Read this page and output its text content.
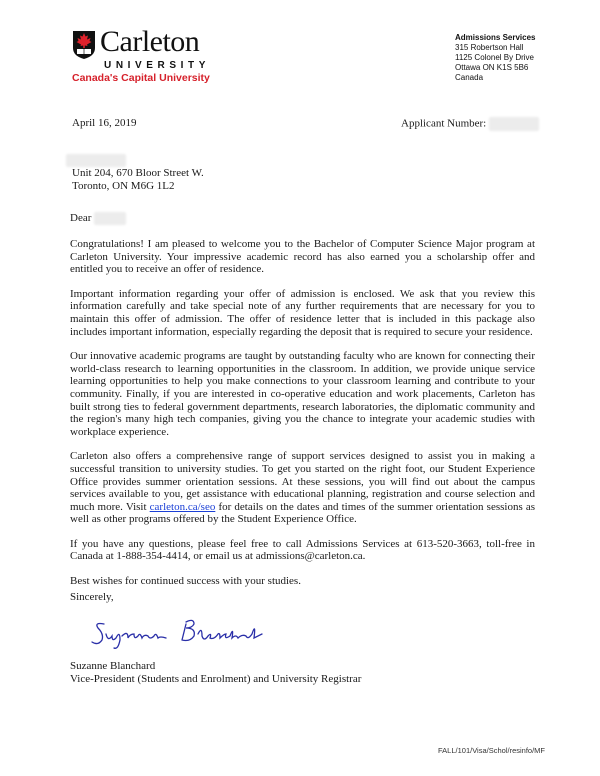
Carleton
UNIVERSITY
Canada's Capital University
Admissions Services
315 Robertson Hall
1125 Colonel By Drive
Ottawa ON K1S 5B6
Canada
April 16, 2019	Applicant Number:
Unit 204, 670 Bloor Street W.
Toronto, ON M6G 1L2
Dear

Congratulations! I am pleased to welcome you to the Bachelor of Computer Science Major program at Carleton University. Your impressive academic record has also earned you a scholarship offer and entitled you to receive an offer of residence.

Important information regarding your offer of admission is enclosed. We ask that you review this information carefully and take special note of any further requirements that are necessary for you to maintain this offer of admission. The offer of residence letter that is included in this package also includes important information, especially regarding the deposit that is required to secure your residence.

Our innovative academic programs are taught by outstanding faculty who are known for connecting their world-class research to learning opportunities in the classroom. In addition, we provide unique service learning opportunities to help you make connections to your classroom learning and contribute to your community. Finally, if you are interested in co-operative education and work placements, Carleton has built strong ties to federal government departments, research laboratories, the diplomatic community and the region's many high tech companies, giving you the chance to integrate your academic studies with workplace experience.

Carleton also offers a comprehensive range of support services designed to assist you in making a successful transition to university studies. To get you started on the right foot, our Student Experience Office provides summer orientation sessions. At these sessions, you will find out about the campus services available to you, get assistance with educational planning, registration and course selection and much more. Visit carleton.ca/seo for details on the dates and times of the summer orientation sessions as well as other programs offered by the Student Experience Office.

If you have any questions, please feel free to call Admissions Services at 613-520-3663, toll-free in Canada at 1-888-354-4414, or email us at admissions@carleton.ca.

Best wishes for continued success with your studies.

Sincerely,
Suzanne Blanchard
Vice-President (Students and Enrolment) and University Registrar
FALL/101/Visa/Schol/resinfo/MF
